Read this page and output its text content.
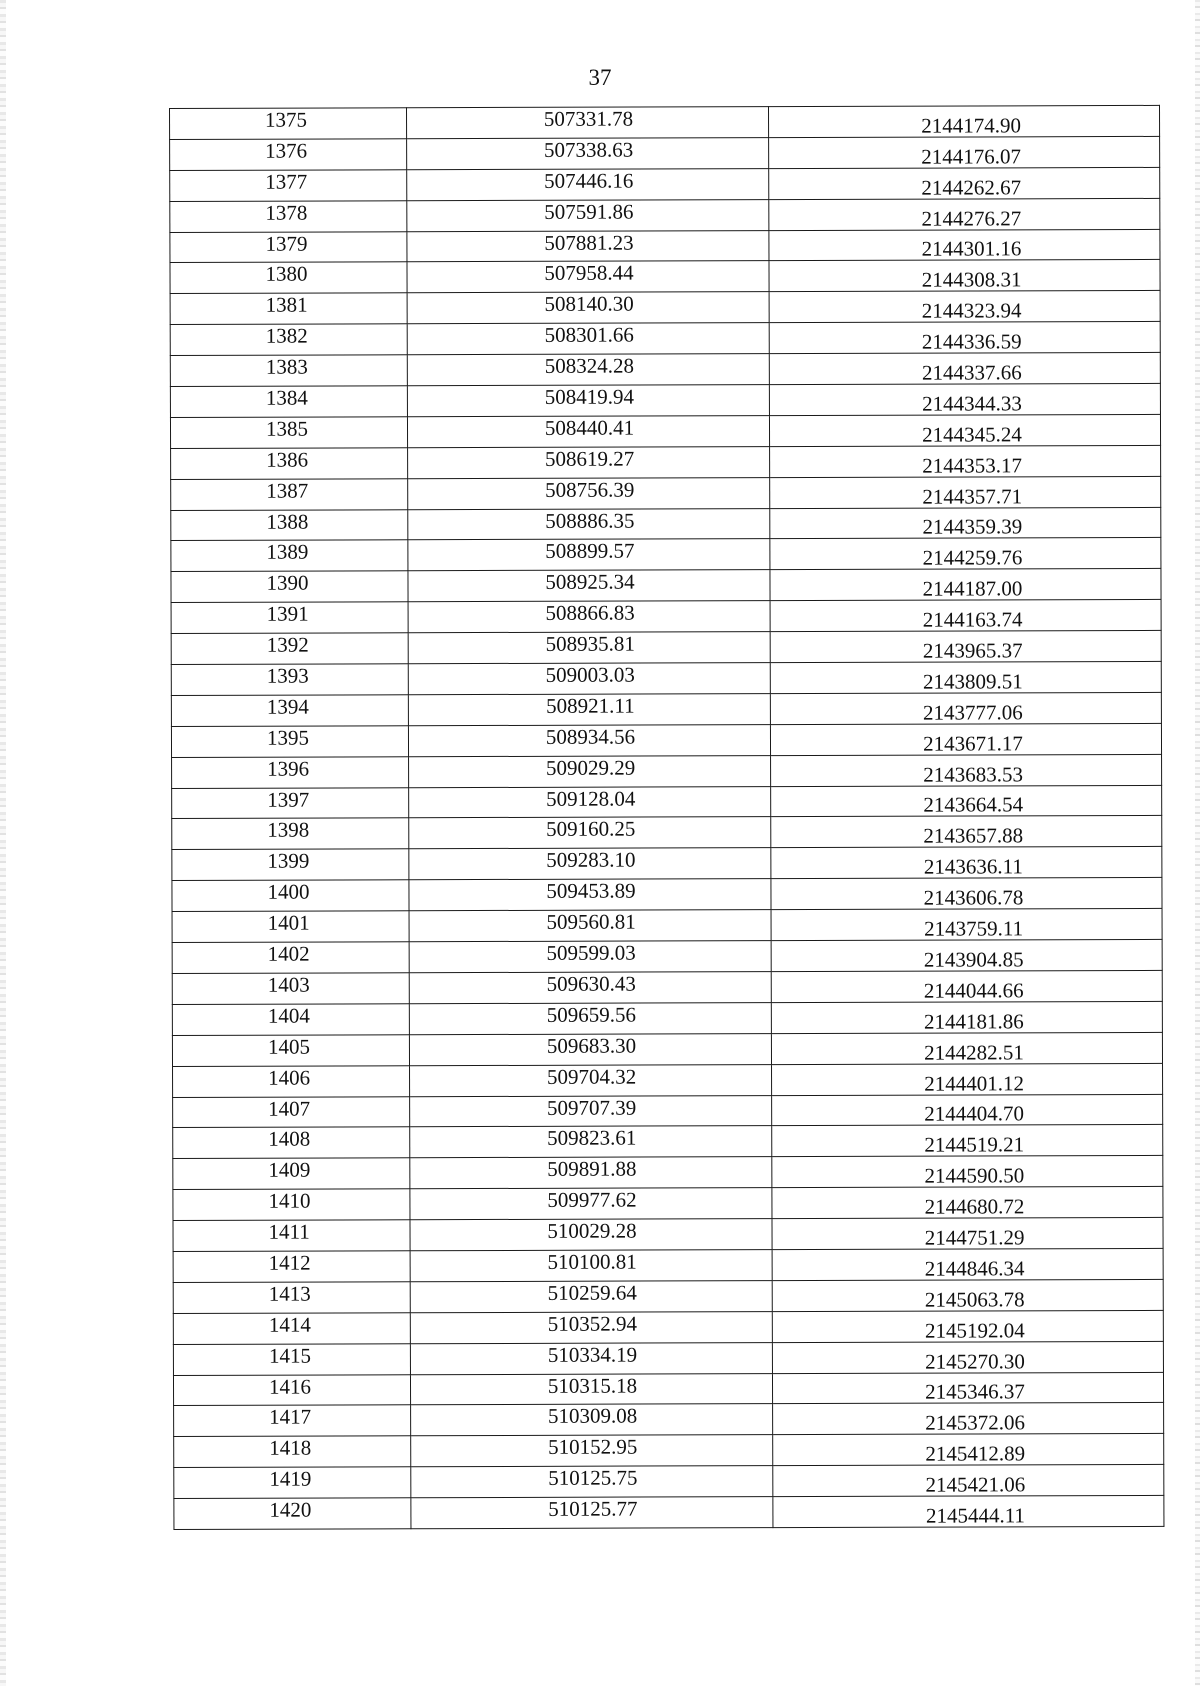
37
1375	507331.78	2144174.90
1376	507338.63	2144176.07
1377	507446.16	2144262.67
1378	507591.86	2144276.27
1379	507881.23	2144301.16
1380	507958.44	2144308.31
1381	508140.30	2144323.94
1382	508301.66	2144336.59
1383	508324.28	2144337.66
1384	508419.94	2144344.33
1385	508440.41	2144345.24
1386	508619.27	2144353.17
1387	508756.39	2144357.71
1388	508886.35	2144359.39
1389	508899.57	2144259.76
1390	508925.34	2144187.00
1391	508866.83	2144163.74
1392	508935.81	2143965.37
1393	509003.03	2143809.51
1394	508921.11	2143777.06
1395	508934.56	2143671.17
1396	509029.29	2143683.53
1397	509128.04	2143664.54
1398	509160.25	2143657.88
1399	509283.10	2143636.11
1400	509453.89	2143606.78
1401	509560.81	2143759.11
1402	509599.03	2143904.85
1403	509630.43	2144044.66
1404	509659.56	2144181.86
1405	509683.30	2144282.51
1406	509704.32	2144401.12
1407	509707.39	2144404.70
1408	509823.61	2144519.21
1409	509891.88	2144590.50
1410	509977.62	2144680.72
1411	510029.28	2144751.29
1412	510100.81	2144846.34
1413	510259.64	2145063.78
1414	510352.94	2145192.04
1415	510334.19	2145270.30
1416	510315.18	2145346.37
1417	510309.08	2145372.06
1418	510152.95	2145412.89
1419	510125.75	2145421.06
1420	510125.77	2145444.11
